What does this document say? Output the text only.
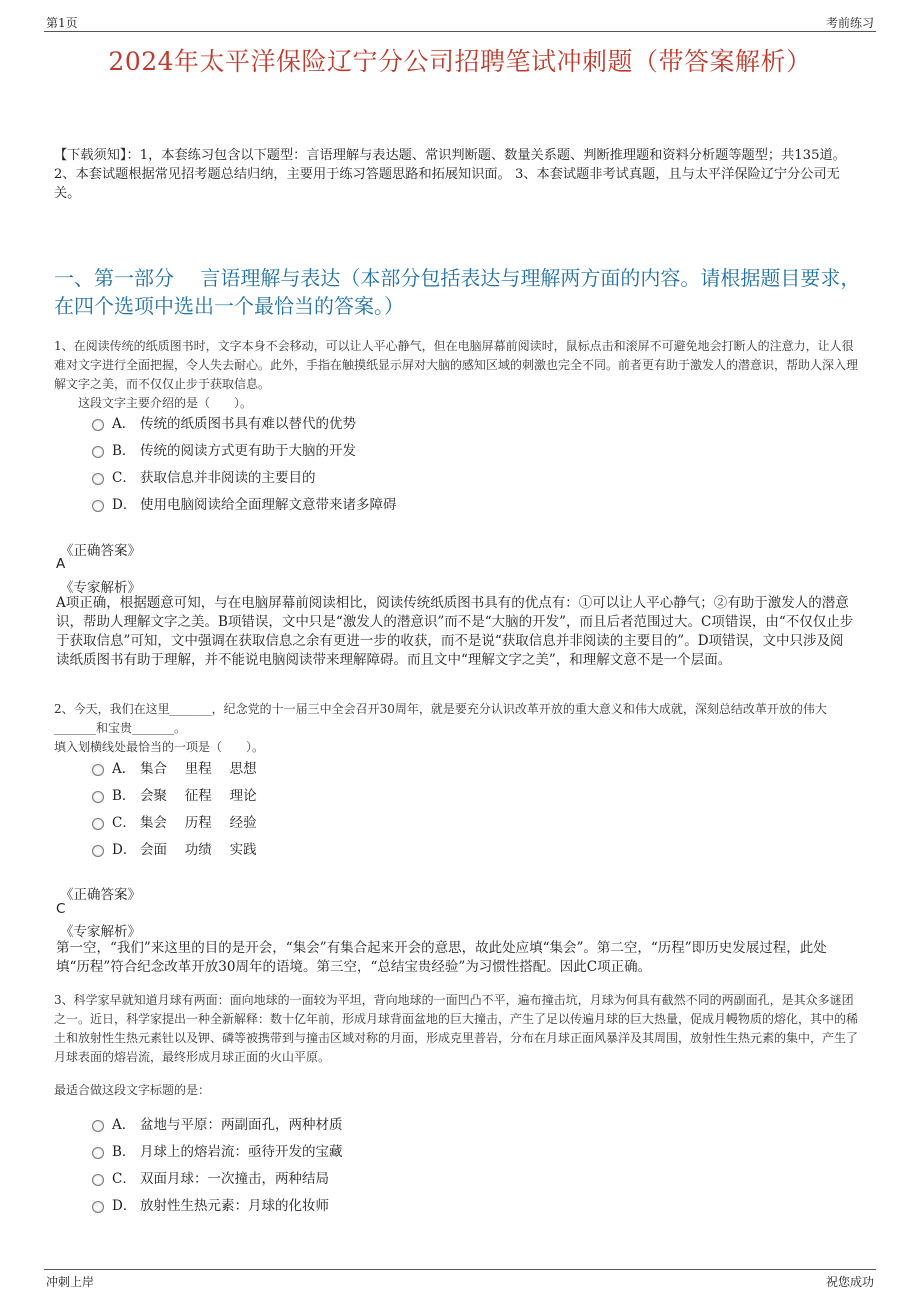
第1页	考前练习
2024年太平洋保险辽宁分公司招聘笔试冲刺题（带答案解析）
【下载须知】：1，本套练习包含以下题型：言语理解与表达题、常识判断题、数量关系题、判断推理题和资料分析题等题型；共135道。 2、本套试题根据常见招考题总结归纳，主要用于练习答题思路和拓展知识面。 3、本套试题非考试真题，且与太平洋保险辽宁分公司无关。
一、第一部分　 言语理解与表达（本部分包括表达与理解两方面的内容。请根据题目要求，在四个选项中选出一个最恰当的答案。）
1、在阅读传统的纸质图书时，文字本身不会移动，可以让人平心静气，但在电脑屏幕前阅读时，鼠标点击和滚屏不可避免地会打断人的注意力，让人很难对文字进行全面把握，令人失去耐心。此外，手指在触摸纸显示屏对大脑的感知区域的刺激也完全不同。前者更有助于激发人的潜意识，帮助人深入理解文字之美，而不仅仅止步于获取信息。
这段文字主要介绍的是（　　）。
A． 传统的纸质图书具有难以替代的优势
B． 传统的阅读方式更有助于大脑的开发
C． 获取信息并非阅读的主要目的
D． 使用电脑阅读给全面理解文意带来诸多障碍
《正确答案》
A
《专家解析》
A项正确，根据题意可知，与在电脑屏幕前阅读相比，阅读传统纸质图书具有的优点有：①可以让人平心静气；②有助于激发人的潜意识，帮助人理解文字之美。B项错误，文中只是“激发人的潜意识”而不是“大脑的开发”，而且后者范围过大。C项错误，由“不仅仅止步于获取信息”可知，文中强调在获取信息之余有更进一步的收获，而不是说“获取信息并非阅读的主要目的”。D项错误，文中只涉及阅读纸质图书有助于理解，并不能说电脑阅读带来理解障碍。而且文中“理解文字之美”，和理解文意不是一个层面。
2、今天，我们在这里_______，纪念党的十一届三中全会召开30周年，就是要充分认识改革开放的重大意义和伟大成就，深刻总结改革开放的伟大_______和宝贵_______。
填入划横线处最恰当的一项是（　　）。
A． 集合　 里程　 思想
B． 会聚　 征程　 理论
C． 集会　 历程　 经验
D． 会面　 功绩　 实践
《正确答案》
C
《专家解析》
第一空，“我们”来这里的目的是开会，“集会”有集合起来开会的意思，故此处应填“集会”。第二空，“历程”即历史发展过程，此处填“历程”符合纪念改革开放30周年的语境。第三空，“总结宝贵经验”为习惯性搭配。因此C项正确。
3、科学家早就知道月球有两面：面向地球的一面较为平坦，背向地球的一面凹凸不平，遍布撞击坑，月球为何具有截然不同的两副面孔，是其众多谜团之一。近日，科学家提出一种全新解释：数十亿年前，形成月球背面盆地的巨大撞击，产生了足以传遍月球的巨大热量，促成月幔物质的熔化，其中的稀土和放射性生热元素钍以及钾、磷等被携带到与撞击区域对称的月面，形成克里普岩，分布在月球正面风暴洋及其周围，放射性生热元素的集中，产生了月球表面的熔岩流，最终形成月球正面的火山平原。
最适合做这段文字标题的是：
A． 盆地与平原：两副面孔，两种材质
B． 月球上的熔岩流：亟待开发的宝藏
C． 双面月球：一次撞击，两种结局
D． 放射性生热元素：月球的化妆师
冲刺上岸	祝您成功
